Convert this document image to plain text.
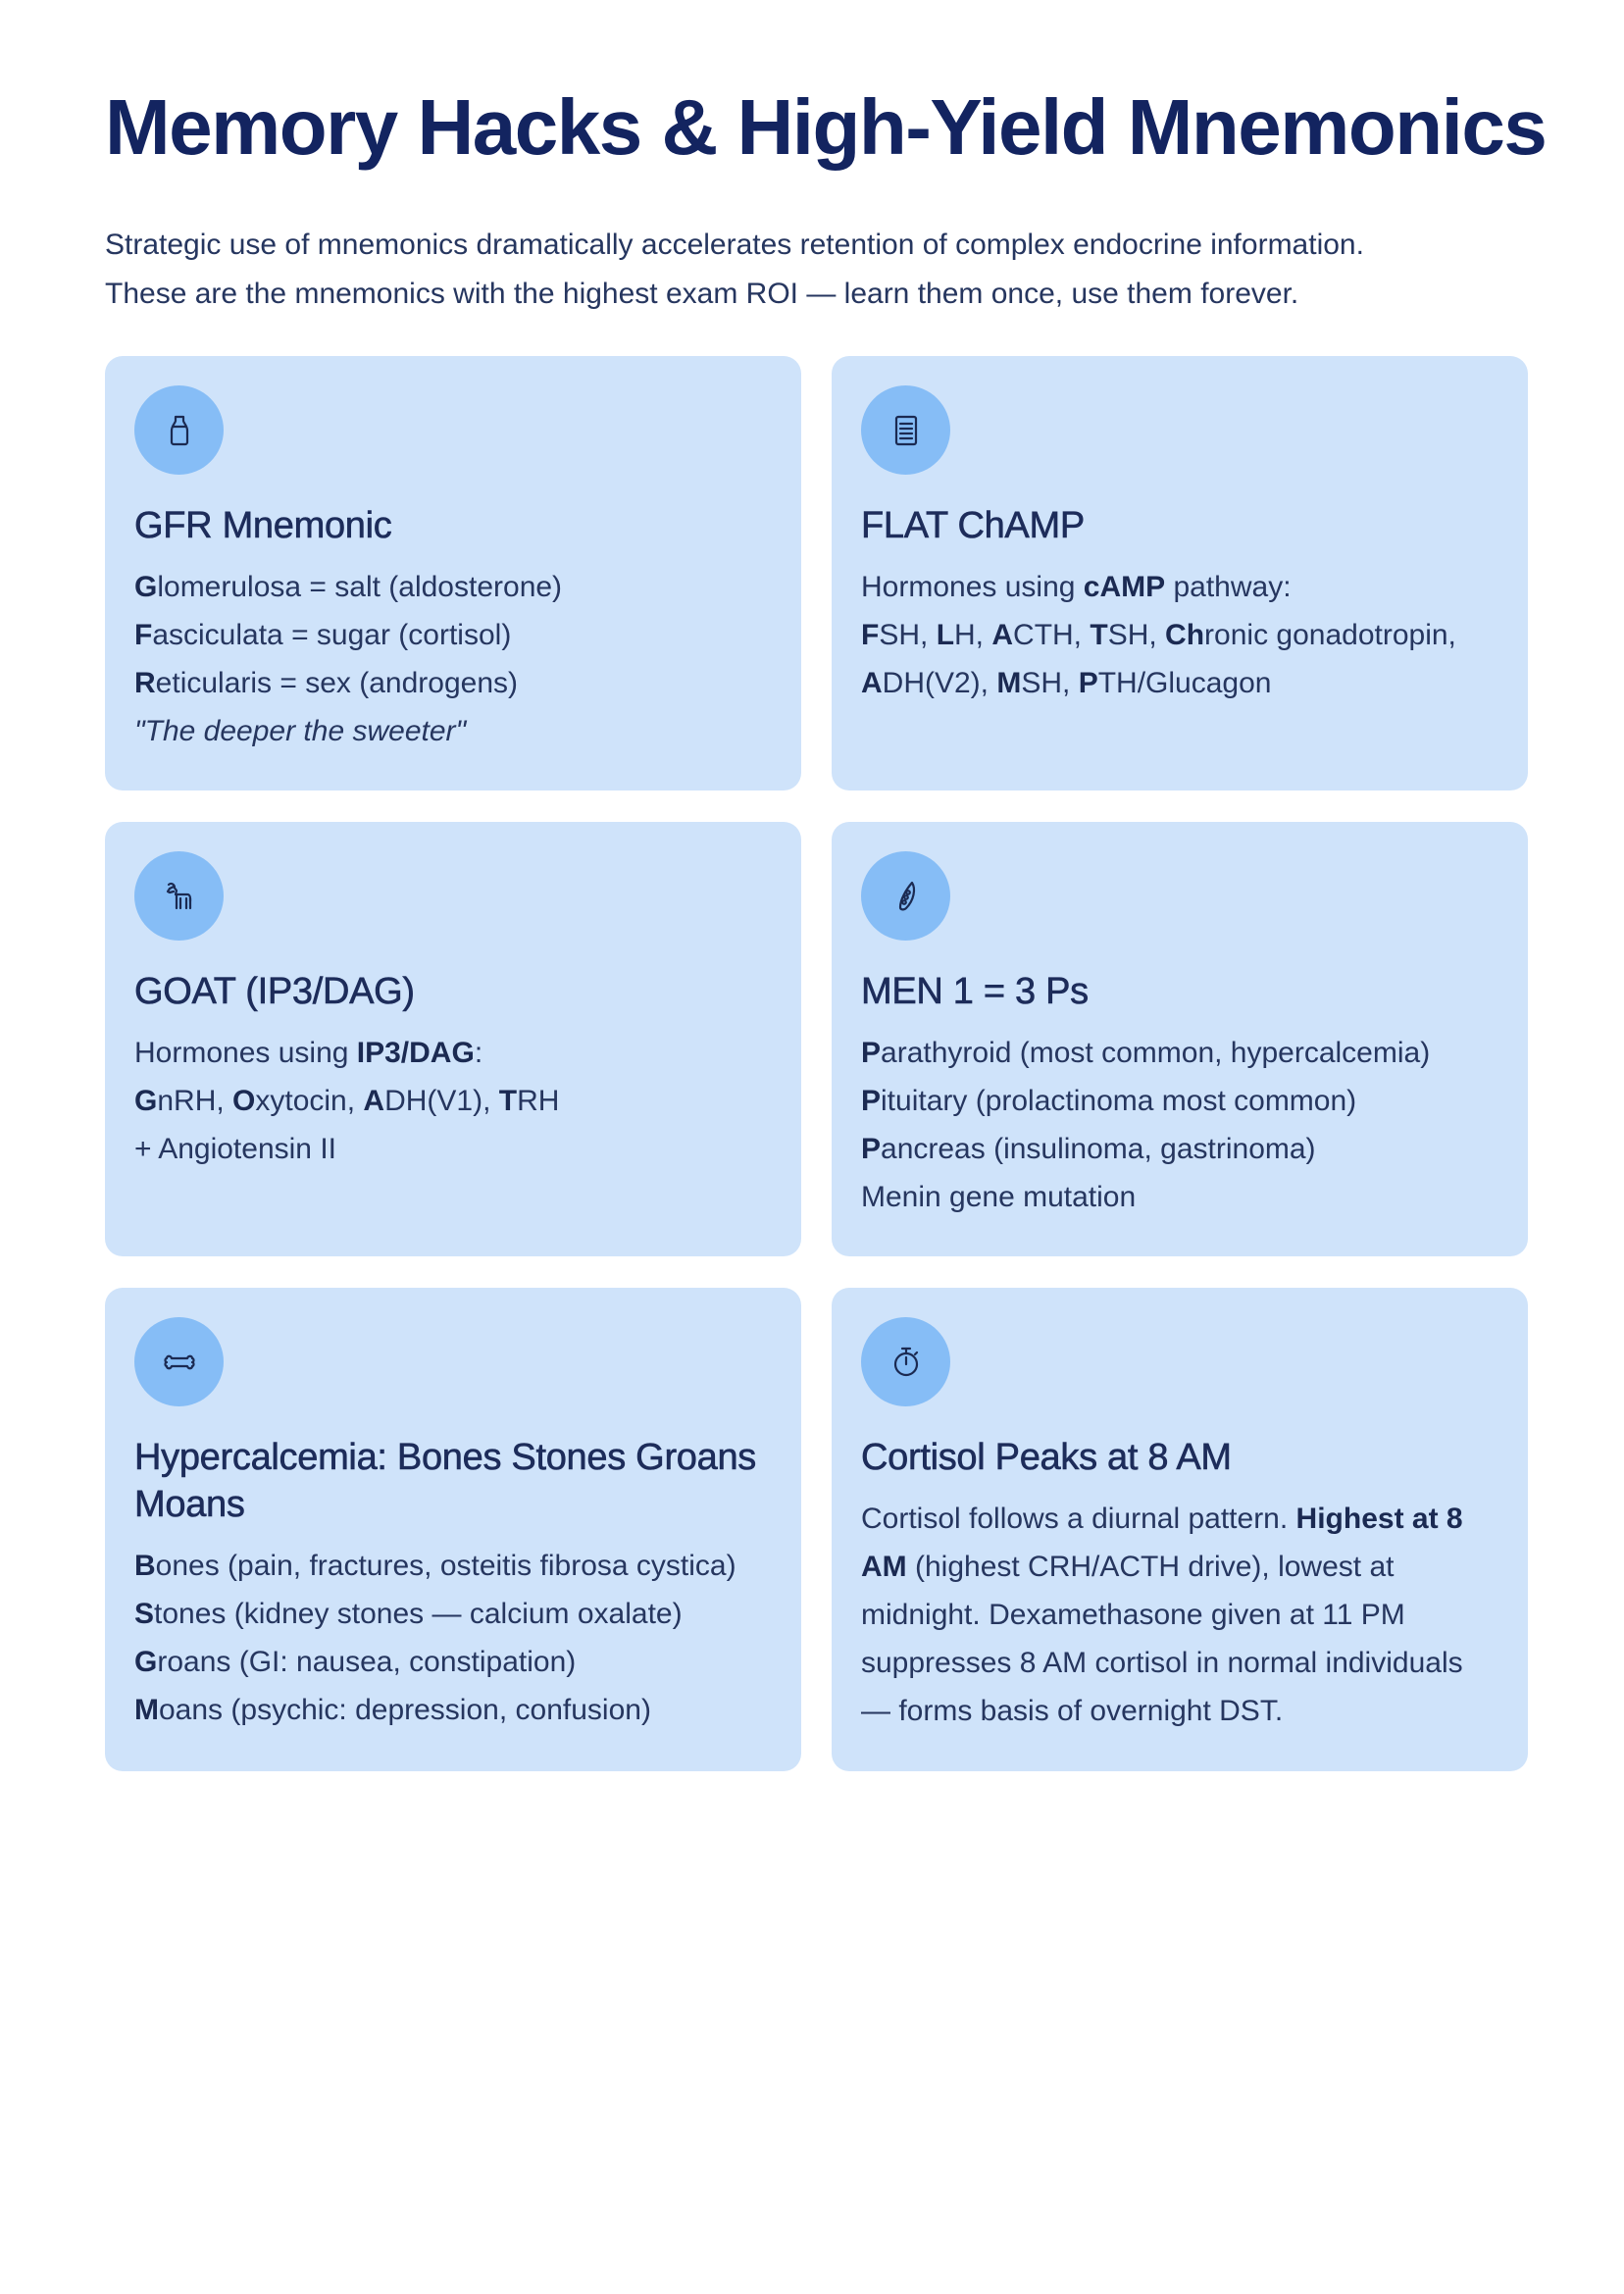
Memory Hacks & High-Yield Mnemonics

Strategic use of mnemonics dramatically accelerates retention of complex endocrine information.
These are the mnemonics with the highest exam ROI — learn them once, use them forever.

GFR Mnemonic
Glomerulosa = salt (aldosterone)
Fasciculata = sugar (cortisol)
Reticularis = sex (androgens)
"The deeper the sweeter"
FLAT ChAMP
Hormones using cAMP pathway:
FSH, LH, ACTH, TSH, Chronic gonadotropin,
ADH(V2), MSH, PTH/Glucagon
GOAT (IP3/DAG)
Hormones using IP3/DAG:
GnRH, Oxytocin, ADH(V1), TRH
+ Angiotensin II
MEN 1 = 3 Ps
Parathyroid (most common, hypercalcemia)
Pituitary (prolactinoma most common)
Pancreas (insulinoma, gastrinoma)
Menin gene mutation
Hypercalcemia: Bones Stones Groans Moans
Bones (pain, fractures, osteitis fibrosa cystica)
Stones (kidney stones — calcium oxalate)
Groans (GI: nausea, constipation)
Moans (psychic: depression, confusion)
Cortisol Peaks at 8 AM
Cortisol follows a diurnal pattern. Highest at 8 AM (highest CRH/ACTH drive), lowest at midnight. Dexamethasone given at 11 PM suppresses 8 AM cortisol in normal individuals — forms basis of overnight DST.
